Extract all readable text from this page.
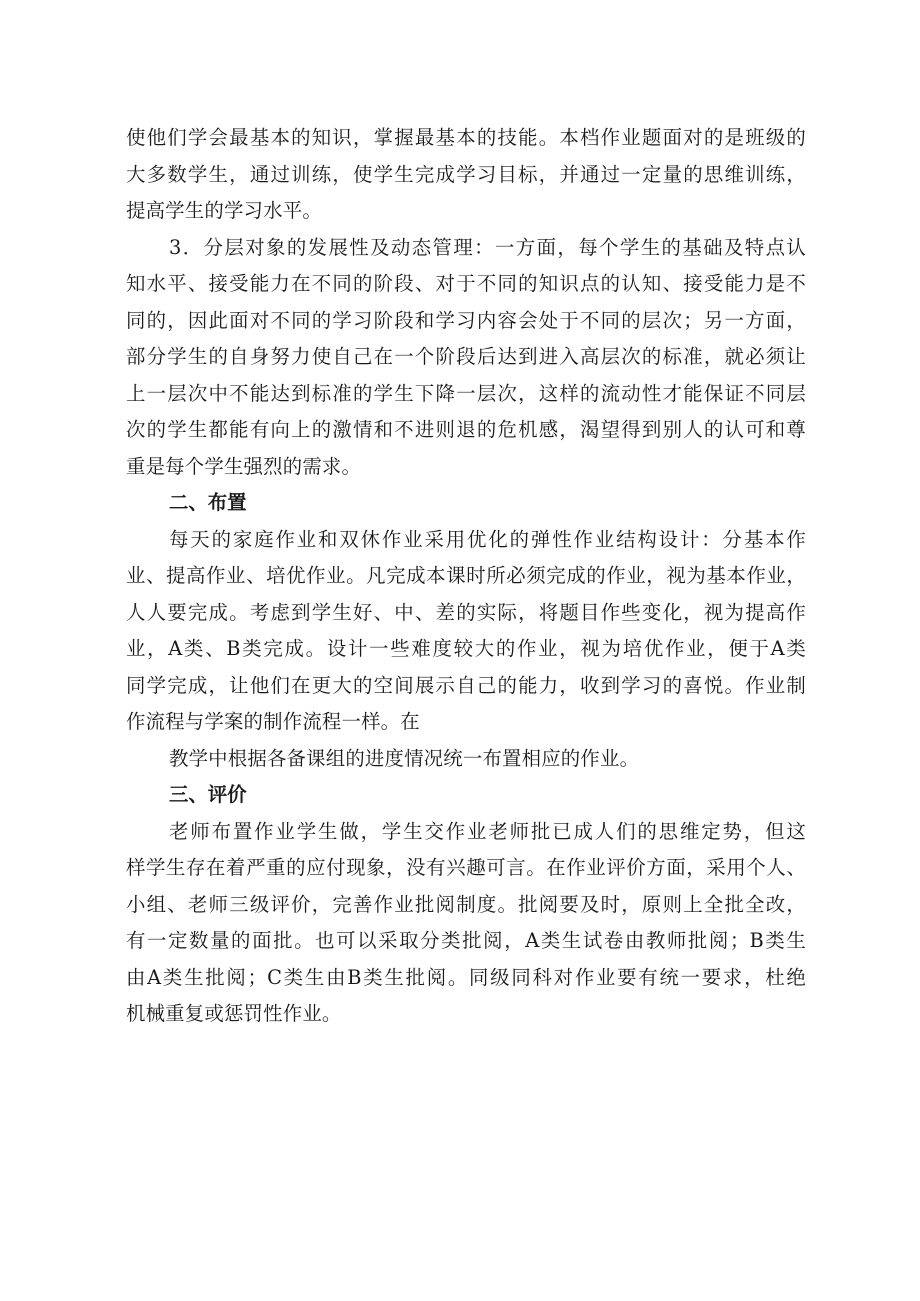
使他们学会最基本的知识，掌握最基本的技能。本档作业题面对的是班级的
大多数学生，通过训练，使学生完成学习目标，并通过一定量的思维训练，
提高学生的学习水平。
3．分层对象的发展性及动态管理：一方面，每个学生的基础及特点认
知水平、接受能力在不同的阶段、对于不同的知识点的认知、接受能力是不
同的，因此面对不同的学习阶段和学习内容会处于不同的层次；另一方面，
部分学生的自身努力使自己在一个阶段后达到进入高层次的标准，就必须让
上一层次中不能达到标准的学生下降一层次，这样的流动性才能保证不同层
次的学生都能有向上的激情和不进则退的危机感，渴望得到别人的认可和尊
重是每个学生强烈的需求。
二、布置
每天的家庭作业和双休作业采用优化的弹性作业结构设计：分基本作
业、提高作业、培优作业。凡完成本课时所必须完成的作业，视为基本作业，
人人要完成。考虑到学生好、中、差的实际，将题目作些变化，视为提高作
业，A类、B类完成。设计一些难度较大的作业，视为培优作业，便于A类
同学完成，让他们在更大的空间展示自己的能力，收到学习的喜悦。作业制
作流程与学案的制作流程一样。在
教学中根据各备课组的进度情况统一布置相应的作业。
三、评价
老师布置作业学生做，学生交作业老师批已成人们的思维定势，但这
样学生存在着严重的应付现象，没有兴趣可言。在作业评价方面，采用个人、
小组、老师三级评价，完善作业批阅制度。批阅要及时，原则上全批全改，
有一定数量的面批。也可以采取分类批阅，A类生试卷由教师批阅；B类生
由A类生批阅；C类生由B类生批阅。同级同科对作业要有统一要求，杜绝
机械重复或惩罚性作业。
